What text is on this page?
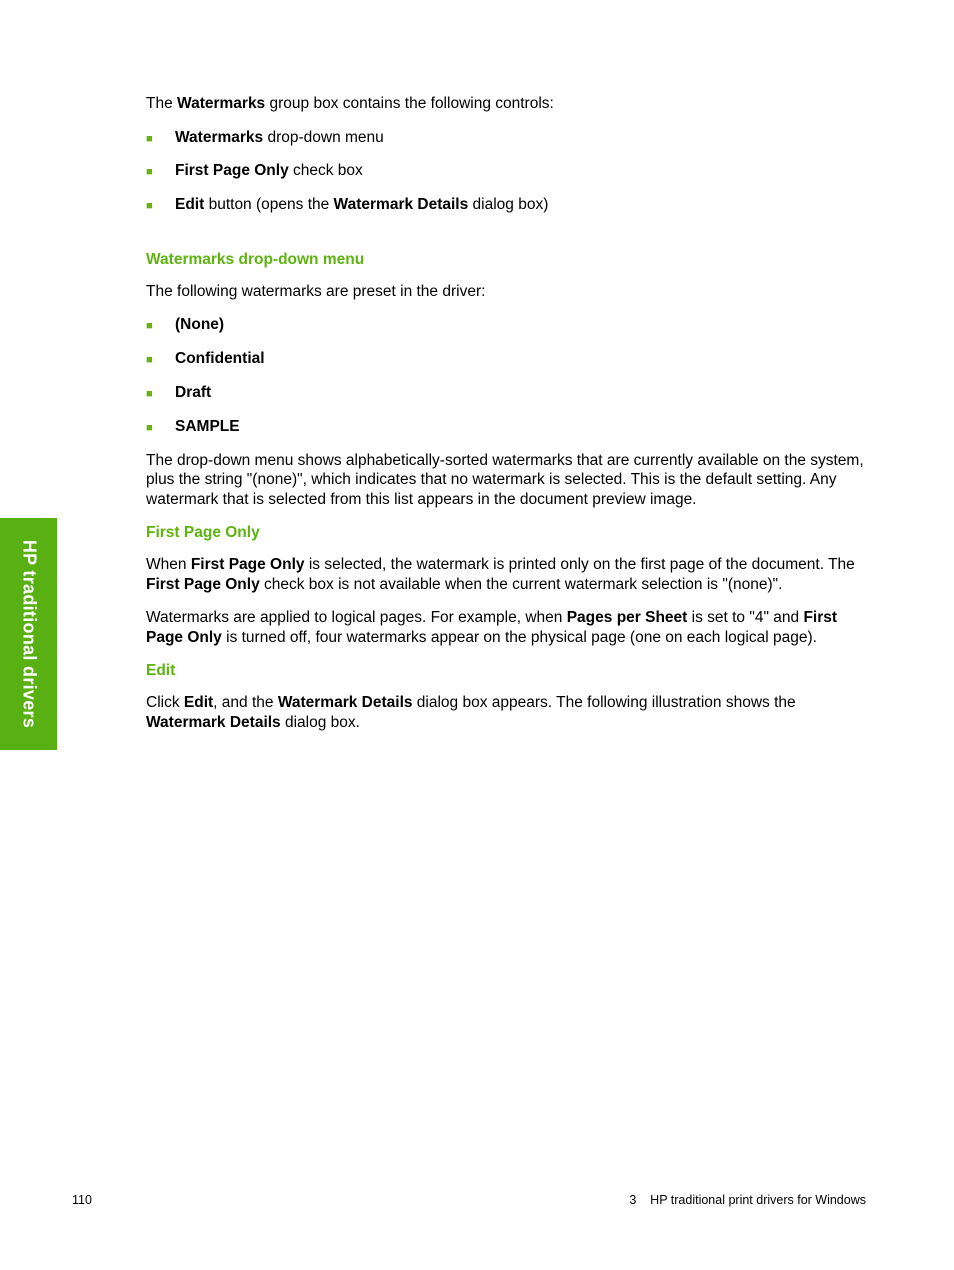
HP traditional drivers

The Watermarks group box contains the following controls:

■	Watermarks drop-down menu
■	First Page Only check box
■	Edit button (opens the Watermark Details dialog box)

Watermarks drop-down menu

The following watermarks are preset in the driver:

■	(None)
■	Confidential
■	Draft
■	SAMPLE

The drop-down menu shows alphabetically-sorted watermarks that are currently available on the system, plus the string "(none)", which indicates that no watermark is selected. This is the default setting. Any watermark that is selected from this list appears in the document preview image.

First Page Only

When First Page Only is selected, the watermark is printed only on the first page of the document. The First Page Only check box is not available when the current watermark selection is "(none)".

Watermarks are applied to logical pages. For example, when Pages per Sheet is set to "4" and First Page Only is turned off, four watermarks appear on the physical page (one on each logical page).

Edit

Click Edit, and the Watermark Details dialog box appears. The following illustration shows the Watermark Details dialog box.

110	3    HP traditional print drivers for Windows
